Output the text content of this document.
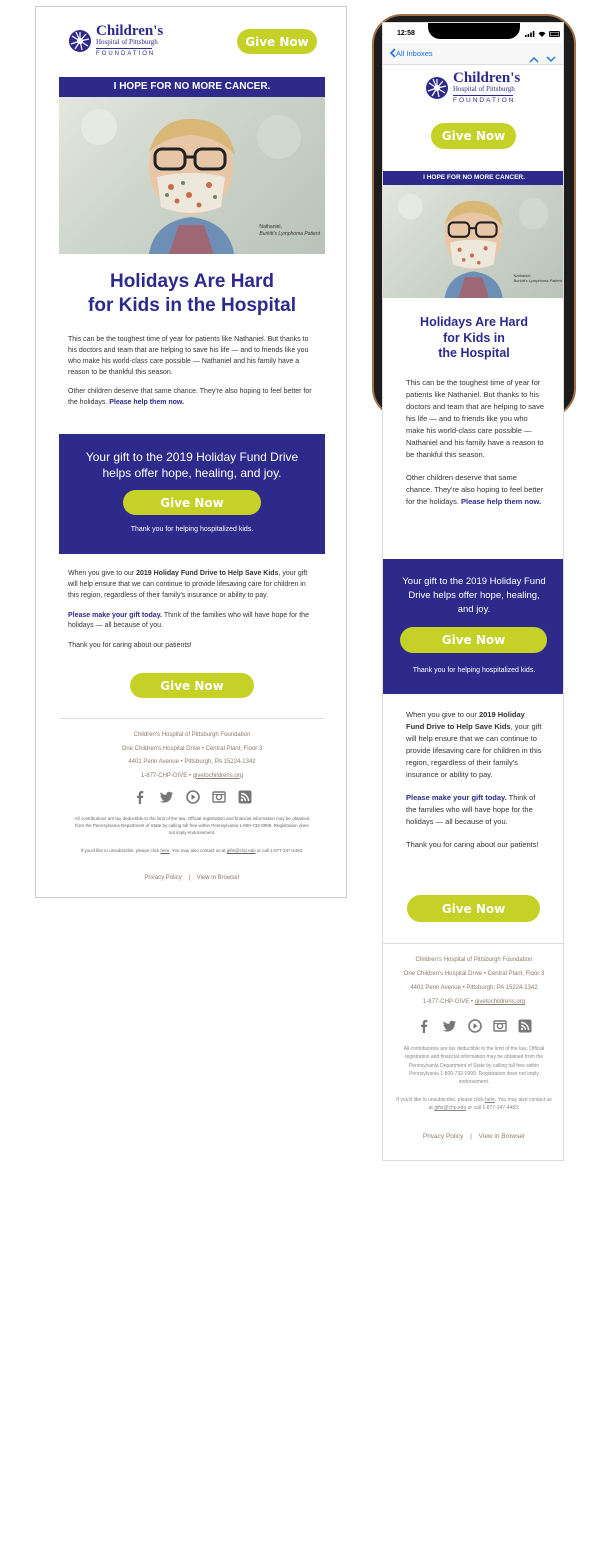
Children's
Hospital of Pittsburgh
FOUNDATION
Give Now
I HOPE FOR NO MORE CANCER.
Nathaniel,
Burkitt's Lymphoma Patient
Holidays Are Hard
for Kids in the Hospital

This can be the toughest time of year for patients like Nathaniel. But thanks to his doctors and team that are helping to save his life — and to friends like you who make his world-class care possible — Nathaniel and his family have a reason to be thankful this season.

Other children deserve that same chance. They're also hoping to feel better for the holidays. Please help them now.

Your gift to the 2019 Holiday Fund Drive helps offer hope, healing, and joy.
Give Now
Thank you for helping hospitalized kids.

When you give to our 2019 Holiday Fund Drive to Help Save Kids, your gift will help ensure that we can continue to provide lifesaving care for children in this region, regardless of their family's insurance or ability to pay.

Please make your gift today. Think of the families who will have hope for the holidays — all because of you.

Thank you for caring about our patients!

Give Now
Children's Hospital of Pittsburgh Foundation
One Children's Hospital Drive • Central Plant, Floor 3
4401 Penn Avenue • Pittsburgh, PA 15224-1342
1-877-CHP-GIVE • givetochildrens.org
All contributions are tax deductible to the limit of the law. Official registration and financial information may be obtained from the Pennsylvania Department of State by calling toll free within Pennsylvania 1-800-732-0999. Registration does not imply endorsement.
If you'd like to unsubscribe, please click here. You may also contact us at gifts@chp.edu or call 1-877-247-4483.
Privacy Policy | View in Browser
12:58
All Inboxes
Children's
Hospital of Pittsburgh
FOUNDATION
Give Now
I HOPE FOR NO MORE CANCER.
Nathaniel,
Burkitt's Lymphoma Patient
Holidays Are Hard
for Kids in
the Hospital

This can be the toughest time of year for patients like Nathaniel. But thanks to his doctors and team that are helping to save his life — and to friends like you who make his world-class care possible — Nathaniel and his family have a reason to be thankful this season.

Other children deserve that same chance. They're also hoping to feel better for the holidays. Please help them now.

Your gift to the 2019 Holiday Fund Drive helps offer hope, healing, and joy.
Give Now
Thank you for helping hospitalized kids.

When you give to our 2019 Holiday Fund Drive to Help Save Kids, your gift will help ensure that we can continue to provide lifesaving care for children in this region, regardless of their family's insurance or ability to pay.

Please make your gift today. Think of the families who will have hope for the holidays — all because of you.

Thank you for caring about our patients!

Give Now
Children's Hospital of Pittsburgh Foundation
One Children's Hospital Drive • Central Plant, Floor 3
4401 Penn Avenue • Pittsburgh, PA 15224-1342
1-877-CHP-GIVE • givetochildrens.org
All contributions are tax deductible to the limit of the law. Official registration and financial information may be obtained from the Pennsylvania Department of State by calling toll free within Pennsylvania 1-800-732-0999. Registration does not imply endorsement.
If you'd like to unsubscribe, please click here. You may also contact us at gifts@chp.edu or call 1-877-247-4483.
Privacy Policy | View in Browser
